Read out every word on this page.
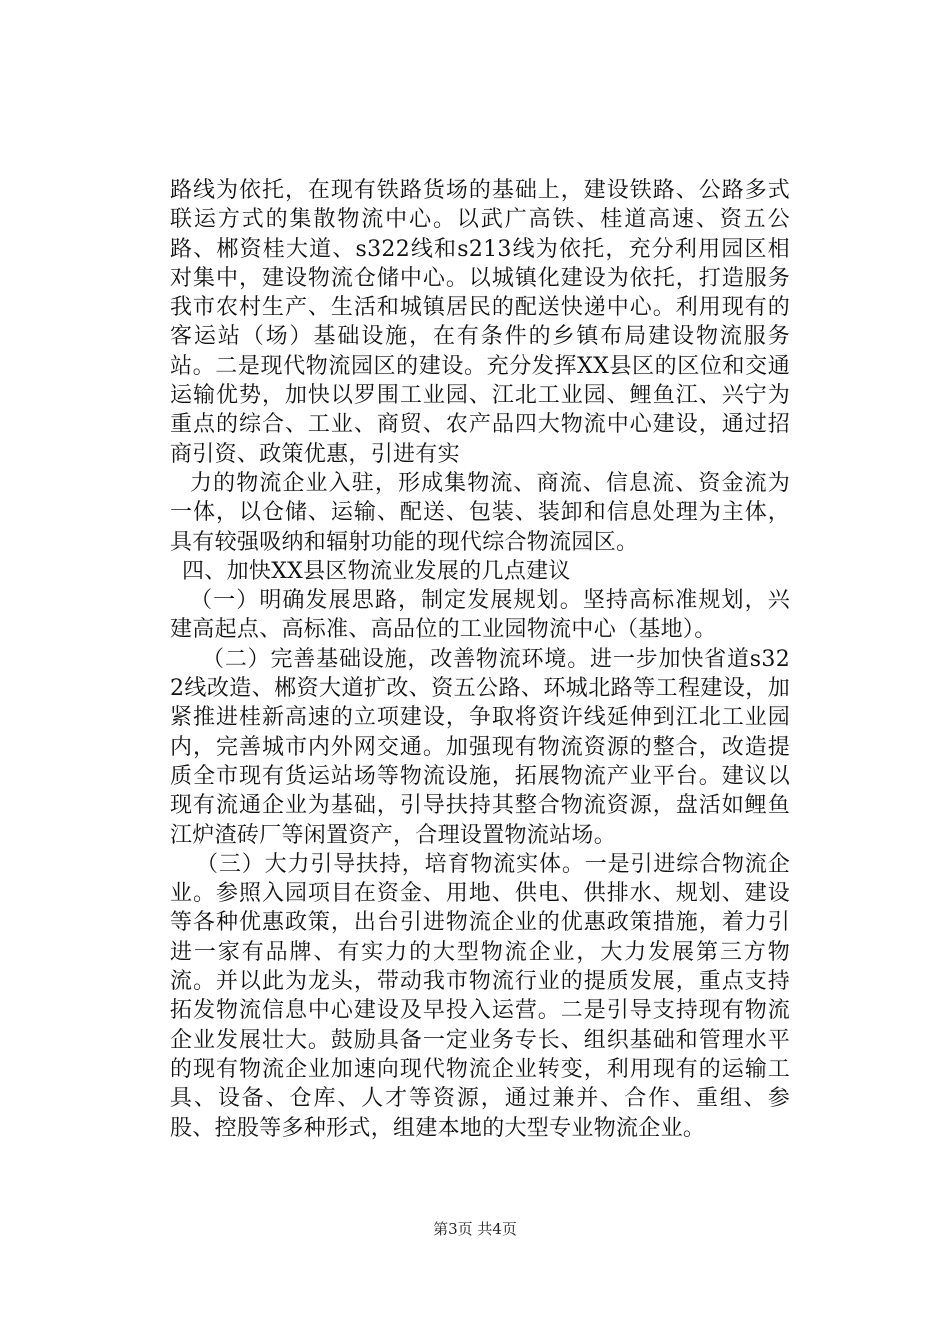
路线为依托，在现有铁路货场的基础上，建设铁路、公路多式联运方式的集散物流中心。以武广高铁、桂道高速、资五公路、郴资桂大道、s322线和s213线为依托，充分利用园区相对集中，建设物流仓储中心。以城镇化建设为依托，打造服务我市农村生产、生活和城镇居民的配送快递中心。利用现有的客运站（场）基础设施，在有条件的乡镇布局建设物流服务站。二是现代物流园区的建设。充分发挥XX县区的区位和交通运输优势，加快以罗围工业园、江北工业园、鲤鱼江、兴宁为重点的综合、工业、商贸、农产品四大物流中心建设，通过招商引资、政策优惠，引进有实

力的物流企业入驻，形成集物流、商流、信息流、资金流为一体，以仓储、运输、配送、包装、装卸和信息处理为主体，具有较强吸纳和辐射功能的现代综合物流园区。

四、加快XX县区物流业发展的几点建议

（一）明确发展思路，制定发展规划。坚持高标准规划，兴建高起点、高标准、高品位的工业园物流中心（基地）。

（二）完善基础设施，改善物流环境。进一步加快省道s322线改造、郴资大道扩改、资五公路、环城北路等工程建设，加紧推进桂新高速的立项建设，争取将资许线延伸到江北工业园内，完善城市内外网交通。加强现有物流资源的整合，改造提质全市现有货运站场等物流设施，拓展物流产业平台。建议以现有流通企业为基础，引导扶持其整合物流资源，盘活如鲤鱼江炉渣砖厂等闲置资产，合理设置物流站场。

（三）大力引导扶持，培育物流实体。一是引进综合物流企业。参照入园项目在资金、用地、供电、供排水、规划、建设等各种优惠政策，出台引进物流企业的优惠政策措施，着力引进一家有品牌、有实力的大型物流企业，大力发展第三方物流。并以此为龙头，带动我市物流行业的提质发展，重点支持拓发物流信息中心建设及早投入运营。二是引导支持现有物流企业发展壮大。鼓励具备一定业务专长、组织基础和管理水平的现有物流企业加速向现代物流企业转变，利用现有的运输工具、设备、仓库、人才等资源，通过兼并、合作、重组、参股、控股等多种形式，组建本地的大型专业物流企业。

第3页 共4页
